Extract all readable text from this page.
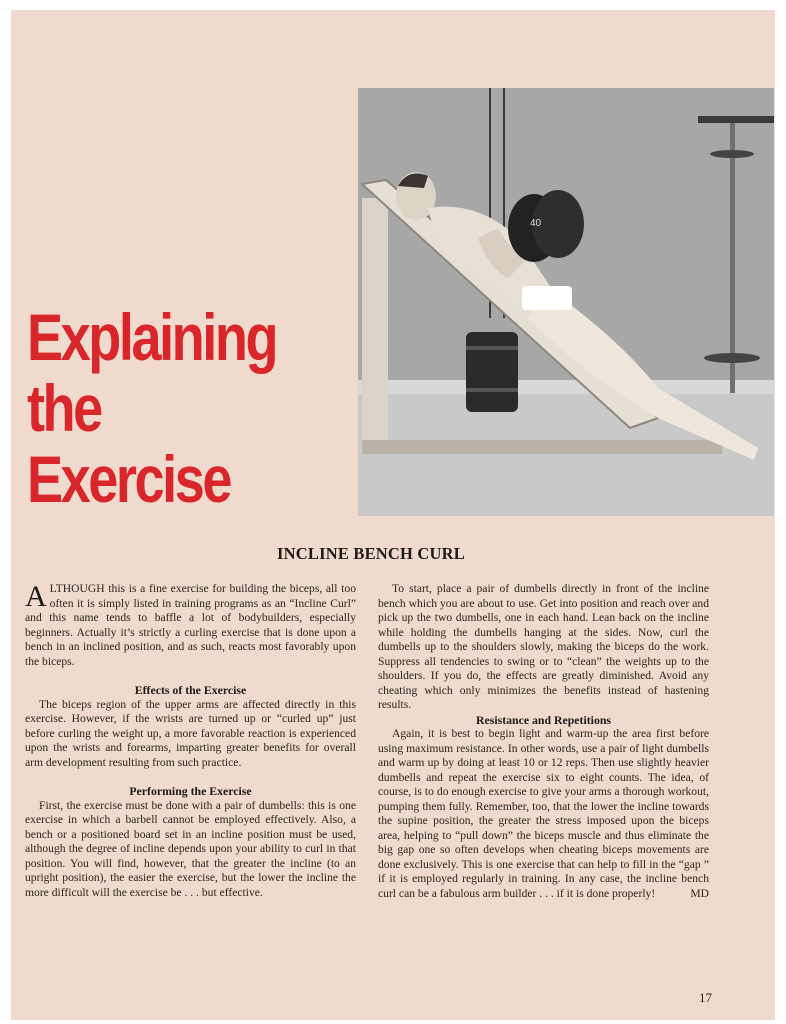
Explaining
the
Exercise
40
INCLINE BENCH CURL

ALTHOUGH this is a fine exercise for building the biceps, all too often it is simply listed in training programs as an “Incline Curl” and this name tends to baffle a lot of bodybuilders, especially beginners. Actually it’s strictly a curling exercise that is done upon a bench in an inclined position, and as such, reacts most favorably upon the biceps.

Effects of the Exercise

The biceps region of the upper arms are affected directly in this exercise. However, if the wrists are turned up or “curled up” just before curling the weight up, a more favorable reaction is experienced upon the wrists and forearms, imparting greater benefits for overall arm development resulting from such practice.

Performing the Exercise

First, the exercise must be done with a pair of dumbells: this is one exercise in which a barbell cannot be employed effectively. Also, a bench or a positioned board set in an incline position must be used, although the degree of incline depends upon your ability to curl in that position. You will find, however, that the greater the incline (to an upright position), the easier the exercise, but the lower the incline the more difficult will the exercise be . . . but effective.

To start, place a pair of dumbells directly in front of the incline bench which you are about to use. Get into position and reach over and pick up the two dumbells, one in each hand. Lean back on the incline while holding the dumbells hanging at the sides. Now, curl the dumbells up to the shoulders slowly, making the biceps do the work. Suppress all tendencies to swing or to “clean” the weights up to the shoulders. If you do, the effects are greatly diminished. Avoid any cheating which only minimizes the benefits instead of hastening results.

Resistance and Repetitions

Again, it is best to begin light and warm-up the area first before using maximum resistance. In other words, use a pair of light dumbells and warm up by doing at least 10 or 12 reps. Then use slightly heavier dumbells and repeat the exercise six to eight counts. The idea, of course, is to do enough exercise to give your arms a thorough workout, pumping them fully. Remember, too, that the lower the incline towards the supine position, the greater the stress imposed upon the biceps area, helping to “pull down” the biceps muscle and thus eliminate the big gap one so often develops when cheating biceps movements are done exclusively. This is one exercise that can help to fill in the “gap ” if it is employed regularly in training. In any case, the incline bench curl can be a fabulous arm builder . . . if it is done properly!	MD

17
